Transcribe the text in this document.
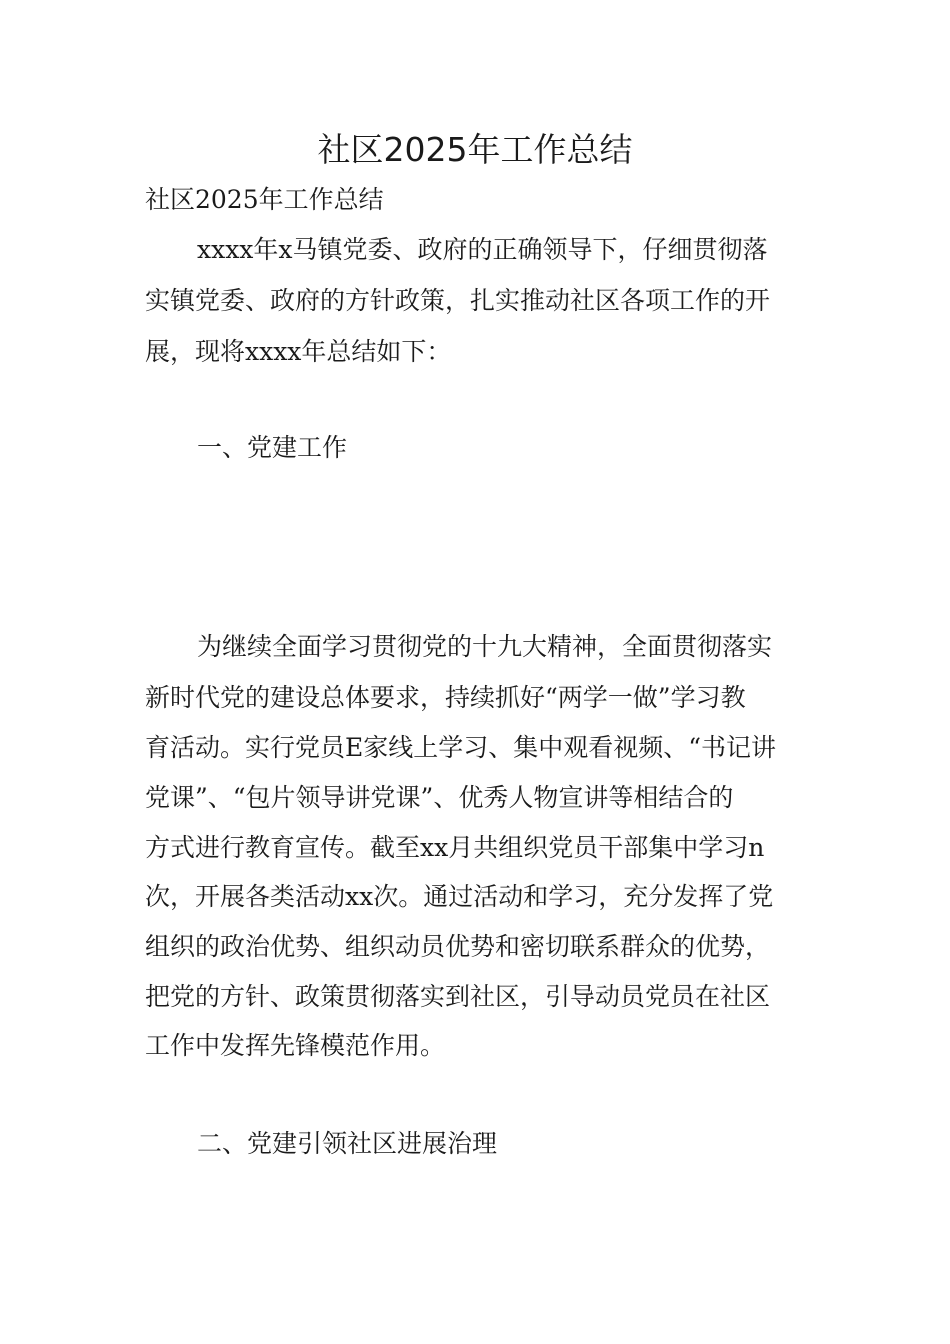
社区2025年工作总结

社区2025年工作总结

xxxx年x马镇党委、政府的正确领导下，仔细贯彻落

实镇党委、政府的方针政策，扎实推动社区各项工作的开

展，现将xxxx年总结如下：

一、党建工作

为继续全面学习贯彻党的十九大精神，全面贯彻落实

新时代党的建设总体要求，持续抓好“两学一做”学习教

育活动。实行党员E家线上学习、集中观看视频、“书记讲

党课”、“包片领导讲党课”、优秀人物宣讲等相结合的

方式进行教育宣传。截至xx月共组织党员干部集中学习n

次，开展各类活动xx次。通过活动和学习，充分发挥了党

组织的政治优势、组织动员优势和密切联系群众的优势，

把党的方针、政策贯彻落实到社区，引导动员党员在社区

工作中发挥先锋模范作用。

二、党建引领社区进展治理
